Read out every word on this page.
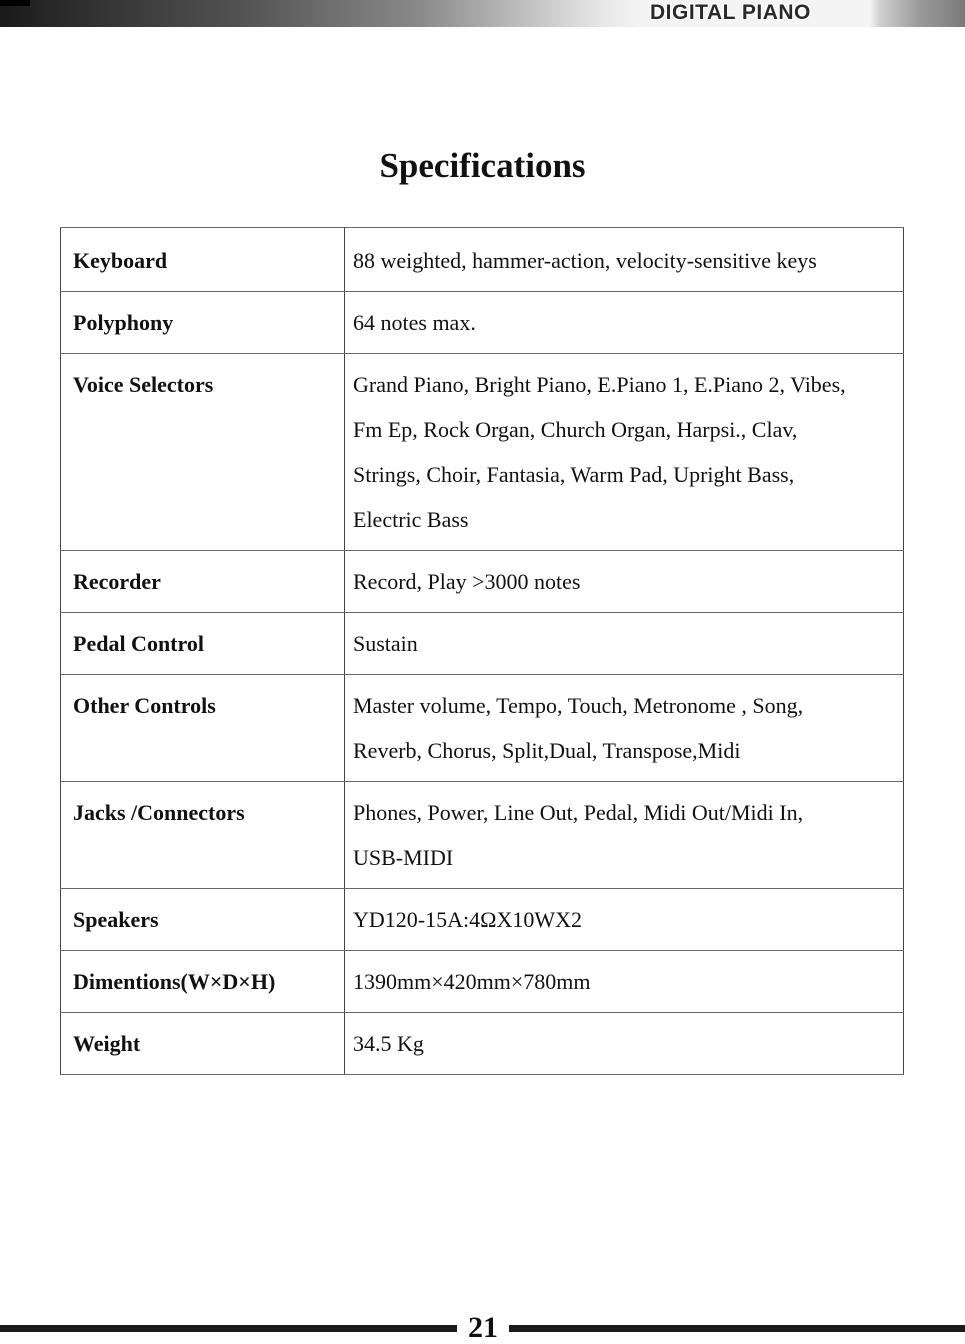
DIGITAL PIANO
Specifications
Keyboard	88 weighted, hammer-action, velocity-sensitive keys

Polyphony	64 notes max.

Voice Selectors	Grand Piano, Bright Piano, E.Piano 1, E.Piano 2, Vibes,
Fm Ep, Rock Organ, Church Organ, Harpsi., Clav,
Strings, Choir, Fantasia, Warm Pad, Upright Bass,
Electric Bass

Recorder	Record, Play >3000 notes

Pedal Control	Sustain

Other Controls	Master volume, Tempo, Touch, Metronome , Song,
Reverb, Chorus, Split,Dual, Transpose,Midi

Jacks /Connectors	Phones, Power, Line Out, Pedal, Midi Out/Midi In,
USB-MIDI

Speakers	YD120-15A:4ΩX10WX2

Dimentions(W×D×H)	1390mm×420mm×780mm

Weight	34.5 Kg
21
